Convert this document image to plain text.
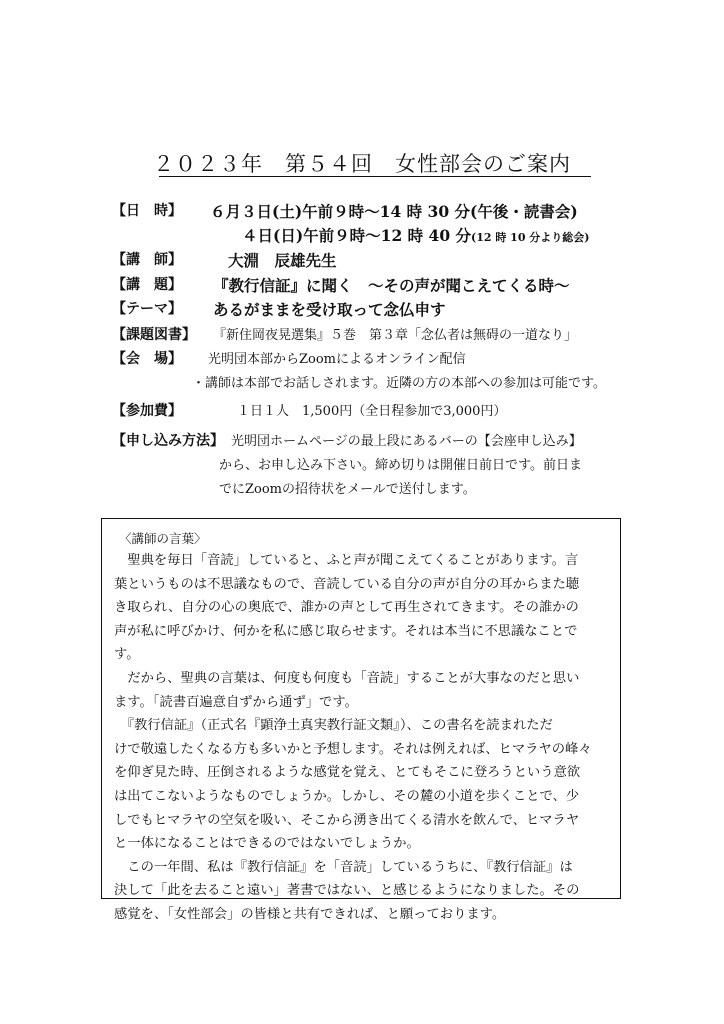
２０２３年　第５４回　女性部会のご案内
【日　時】 ６月３日(土)午前９時〜14 時 30 分(午後・読書会)
４日(日)午前９時〜12 時 40 分(12 時 10 分より総会)
【講　師】	大淵　辰雄先生
【講　題】 『教行信証』に聞く　〜その声が聞こえてくる時〜
【テーマ】 あるがままを受け取って念仏申す
【課題図書】 『新住岡夜晃選集』５巻　第３章「念仏者は無碍の一道なり」
【会　場】 光明団本部からZoomによるオンライン配信
・講師は本部でお話しされます。近隣の方の本部への参加は可能です。
【参加費】	１日１人　1,500円（全日程参加で3,000円）
【申し込み方法】 光明団ホームページの最上段にあるバーの【会座申し込み】
から、お申し込み下さい。締め切りは開催日前日です。前日ま
でにZoomの招待状をメールで送付します。
〈講師の言葉〉
　聖典を毎日「音読」していると、ふと声が聞こえてくることがあります。言
葉というものは不思議なもので、音読している自分の声が自分の耳からまた聴
き取られ、自分の心の奥底で、誰かの声として再生されてきます。その誰かの
声が私に呼びかけ、何かを私に感じ取らせます。それは本当に不思議なことで
す。
　だから、聖典の言葉は、何度も何度も「音読」することが大事なのだと思い
ます。「読書百遍意自ずから通ず」です。
　『教行信証』（正式名『顕浄土真実教行証文類』）、この書名を読まれただ
けで敬遠したくなる方も多いかと予想します。それは例えれば、ヒマラヤの峰々
を仰ぎ見た時、圧倒されるような感覚を覚え、とてもそこに登ろうという意欲
は出てこないようなものでしょうか。しかし、その麓の小道を歩くことで、少
しでもヒマラヤの空気を吸い、そこから湧き出てくる清水を飲んで、ヒマラヤ
と一体になることはできるのではないでしょうか。
　この一年間、私は『教行信証』を「音読」しているうちに、『教行信証』は
決して「此を去ること遠い」著書ではない、と感じるようになりました。その
感覚を、「女性部会」の皆様と共有できれば、と願っております。
